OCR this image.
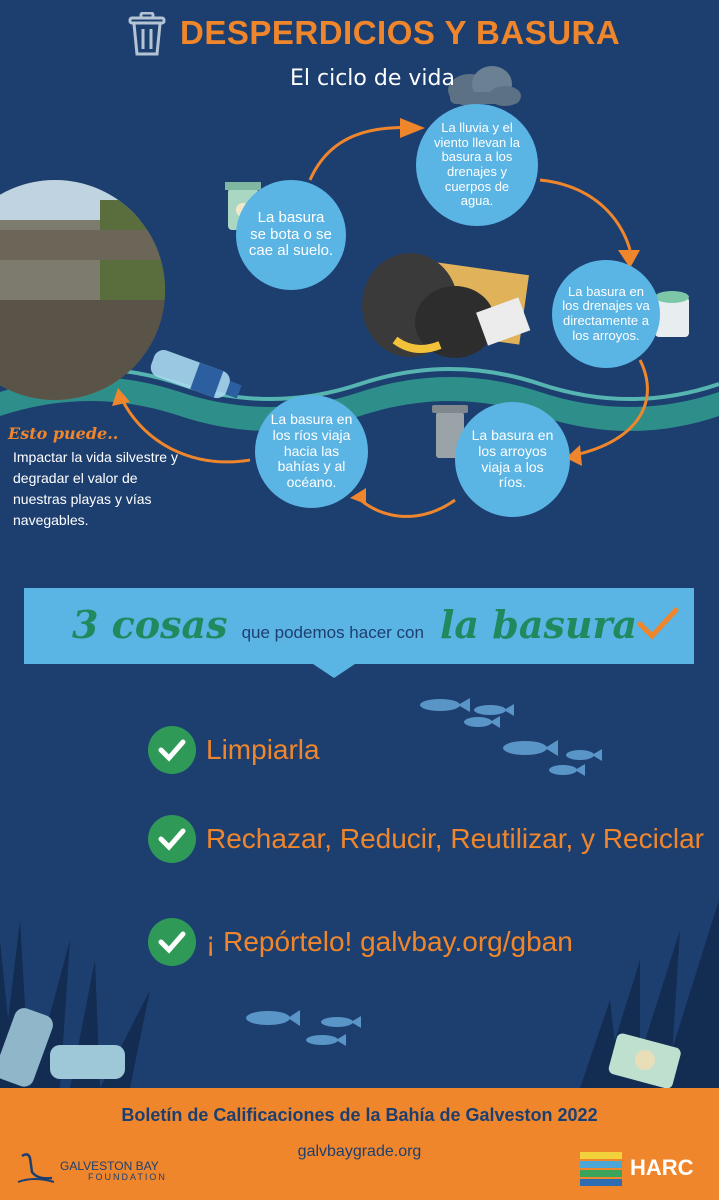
DESPERDICIOS Y BASURA
El ciclo de vida
La basura se bota o se cae al suelo.
La lluvia y el viento llevan la basura a los drenajes y cuerpos de agua.
La basura en los drenajes va directamente a los arroyos.
La basura en los arroyos viaja a los ríos.
La basura en los ríos viaja hacia las bahías y al océano.
Esto puede..
Impactar la vida silvestre y degradar el valor de nuestras playas y vías navegables.
3 cosas que podemos hacer con la basura
Limpiarla
Rechazar, Reducir, Reutilizar, y Reciclar
¡ Repórtelo! galvbay.org/gban
Boletín de Calificaciones de la Bahía de Galveston 2022
galvbaygrade.org
GALVESTON BAY
FOUNDATION	HARC
